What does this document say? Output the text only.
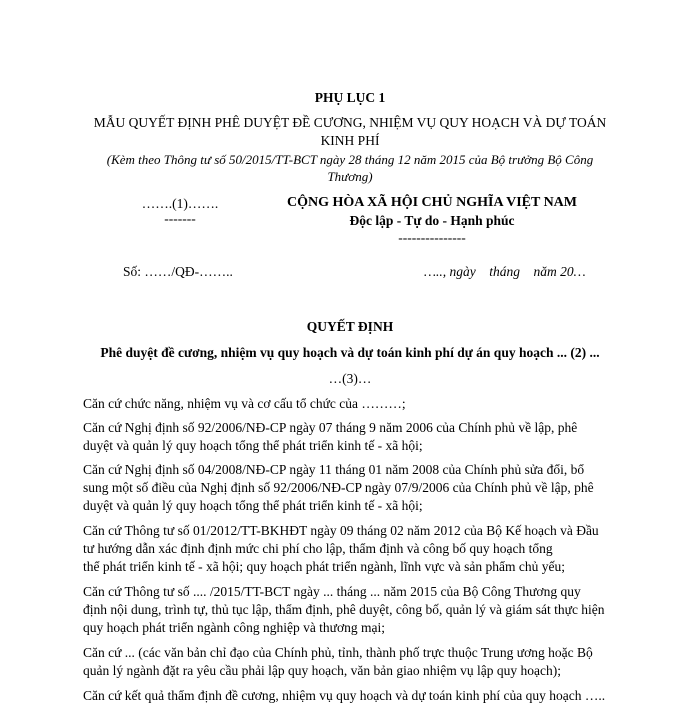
PHỤ LỤC 1
MẪU QUYẾT ĐỊNH PHÊ DUYỆT ĐỀ CƯƠNG, NHIỆM VỤ QUY HOẠCH VÀ DỰ TOÁN
KINH PHÍ
(Kèm theo Thông tư số 50/2015/TT-BCT ngày 28 tháng 12 năm 2015 của Bộ trưởng Bộ Công
Thương)
…….(1)…….
-------
CỘNG HÒA XÃ HỘI CHỦ NGHĨA VIỆT NAM
Độc lập - Tự do - Hạnh phúc
---------------
Số: ……/QĐ-……..	….., ngày    tháng    năm 20…
QUYẾT ĐỊNH
Phê duyệt đề cương, nhiệm vụ quy hoạch và dự toán kinh phí dự án quy hoạch ... (2) ...
…(3)…
Căn cứ chức năng, nhiệm vụ và cơ cấu tổ chức của ………;
Căn cứ Nghị định số 92/2006/NĐ-CP ngày 07 tháng 9 năm 2006 của Chính phủ về lập, phê
duyệt và quản lý quy hoạch tổng thể phát triển kinh tế - xã hội;
Căn cứ Nghị định số 04/2008/NĐ-CP ngày 11 tháng 01 năm 2008 của Chính phủ sửa đổi, bổ
sung một số điều của Nghị định số 92/2006/NĐ-CP ngày 07/9/2006 của Chính phủ về lập, phê
duyệt và quản lý quy hoạch tổng thể phát triển kinh tế - xã hội;
Căn cứ Thông tư số 01/2012/TT-BKHĐT ngày 09 tháng 02 năm 2012 của Bộ Kế hoạch và Đầu
tư hướng dẫn xác định định mức chi phí cho lập, thẩm định và công bố quy hoạch tổng
thể phát triển kinh tế - xã hội; quy hoạch phát triển ngành, lĩnh vực và sản phẩm chủ yếu;
Căn cứ Thông tư số .... /2015/TT-BCT ngày ... tháng ... năm 2015 của Bộ Công Thương quy
định nội dung, trình tự, thủ tục lập, thẩm định, phê duyệt, công bố, quản lý và giám sát thực hiện
quy hoạch phát triển ngành công nghiệp và thương mại;
Căn cứ ... (các văn bản chỉ đạo của Chính phủ, tỉnh, thành phố trực thuộc Trung ương hoặc Bộ
quản lý ngành đặt ra yêu cầu phải lập quy hoạch, văn bản giao nhiệm vụ lập quy hoạch);
Căn cứ kết quả thẩm định đề cương, nhiệm vụ quy hoạch và dự toán kinh phí của quy hoạch …..
